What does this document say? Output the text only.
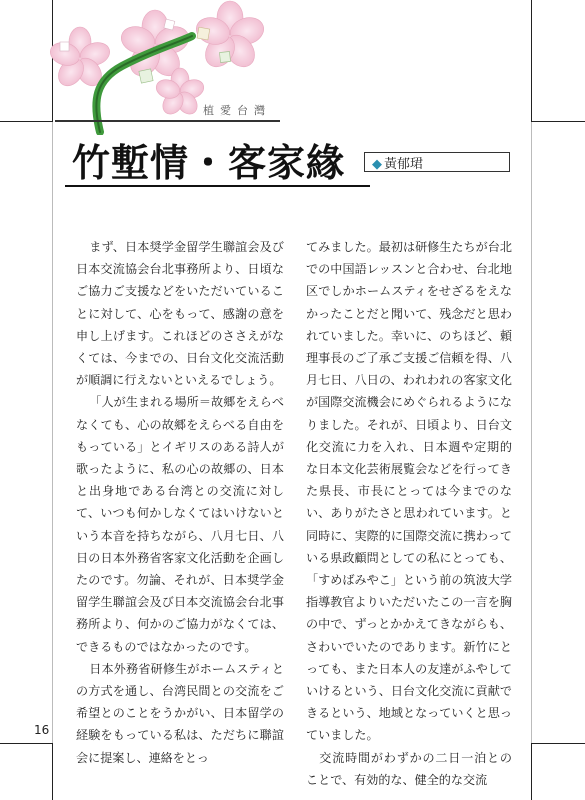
植愛台灣
竹塹情・客家緣 ◆ 黃郁珺

まず、日本奨学金留学生聯誼会及び日本交流協会台北事務所より、日頃なご協力ご支援などをいただいていることに対して、心をもって、感謝の意を申し上げます。これほどのささえがなくては、今までの、日台文化交流活動が順調に行えないといえるでしょう。

「人が生まれる場所＝故郷をえらべなくても、心の故郷をえらべる自由をもっている」とイギリスのある詩人が歌ったように、私の心の故郷の、日本と出身地である台湾との交流に対して、いつも何かしなくてはいけないという本音を持ちながら、八月七日、八日の日本外務省客家文化活動を企画したのです。勿論、それが、日本奨学金留学生聯誼会及び日本交流協会台北事務所より、何かのご協力がなくては、できるものではなかったのです。

日本外務省研修生がホームスティとの方式を通し、台湾民間との交流をご希望とのことをうかがい、日本留学の経験をもっている私は、ただちに聯誼会に提案し、連絡をとっ

てみました。最初は研修生たちが台北での中国語レッスンと合わせ、台北地区でしかホームスティをせざるをえなかったことだと聞いて、残念だと思われていました。幸いに、のちほど、頼理事長のご了承ご支援ご信頼を得、八月七日、八日の、われわれの客家文化が国際交流機会にめぐられるようになりました。それが、日頃より、日台文化交流に力を入れ、日本週や定期的な日本文化芸術展覧会などを行ってきた県長、市長にとっては今までのない、ありがたさと思われています。と同時に、実際的に国際交流に携わっている県政顧問としての私にとっても、「すめばみやこ」という前の筑波大学指導教官よりいただいたこの一言を胸の中で、ずっとかかえてきながらも、さわいでいたのであります。新竹にとっても、また日本人の友達がふやしていけるという、日台文化交流に貢献できるという、地域となっていくと思っていました。

交流時間がわずかの二日一泊とのことで、有効的な、健全的な交流

16
